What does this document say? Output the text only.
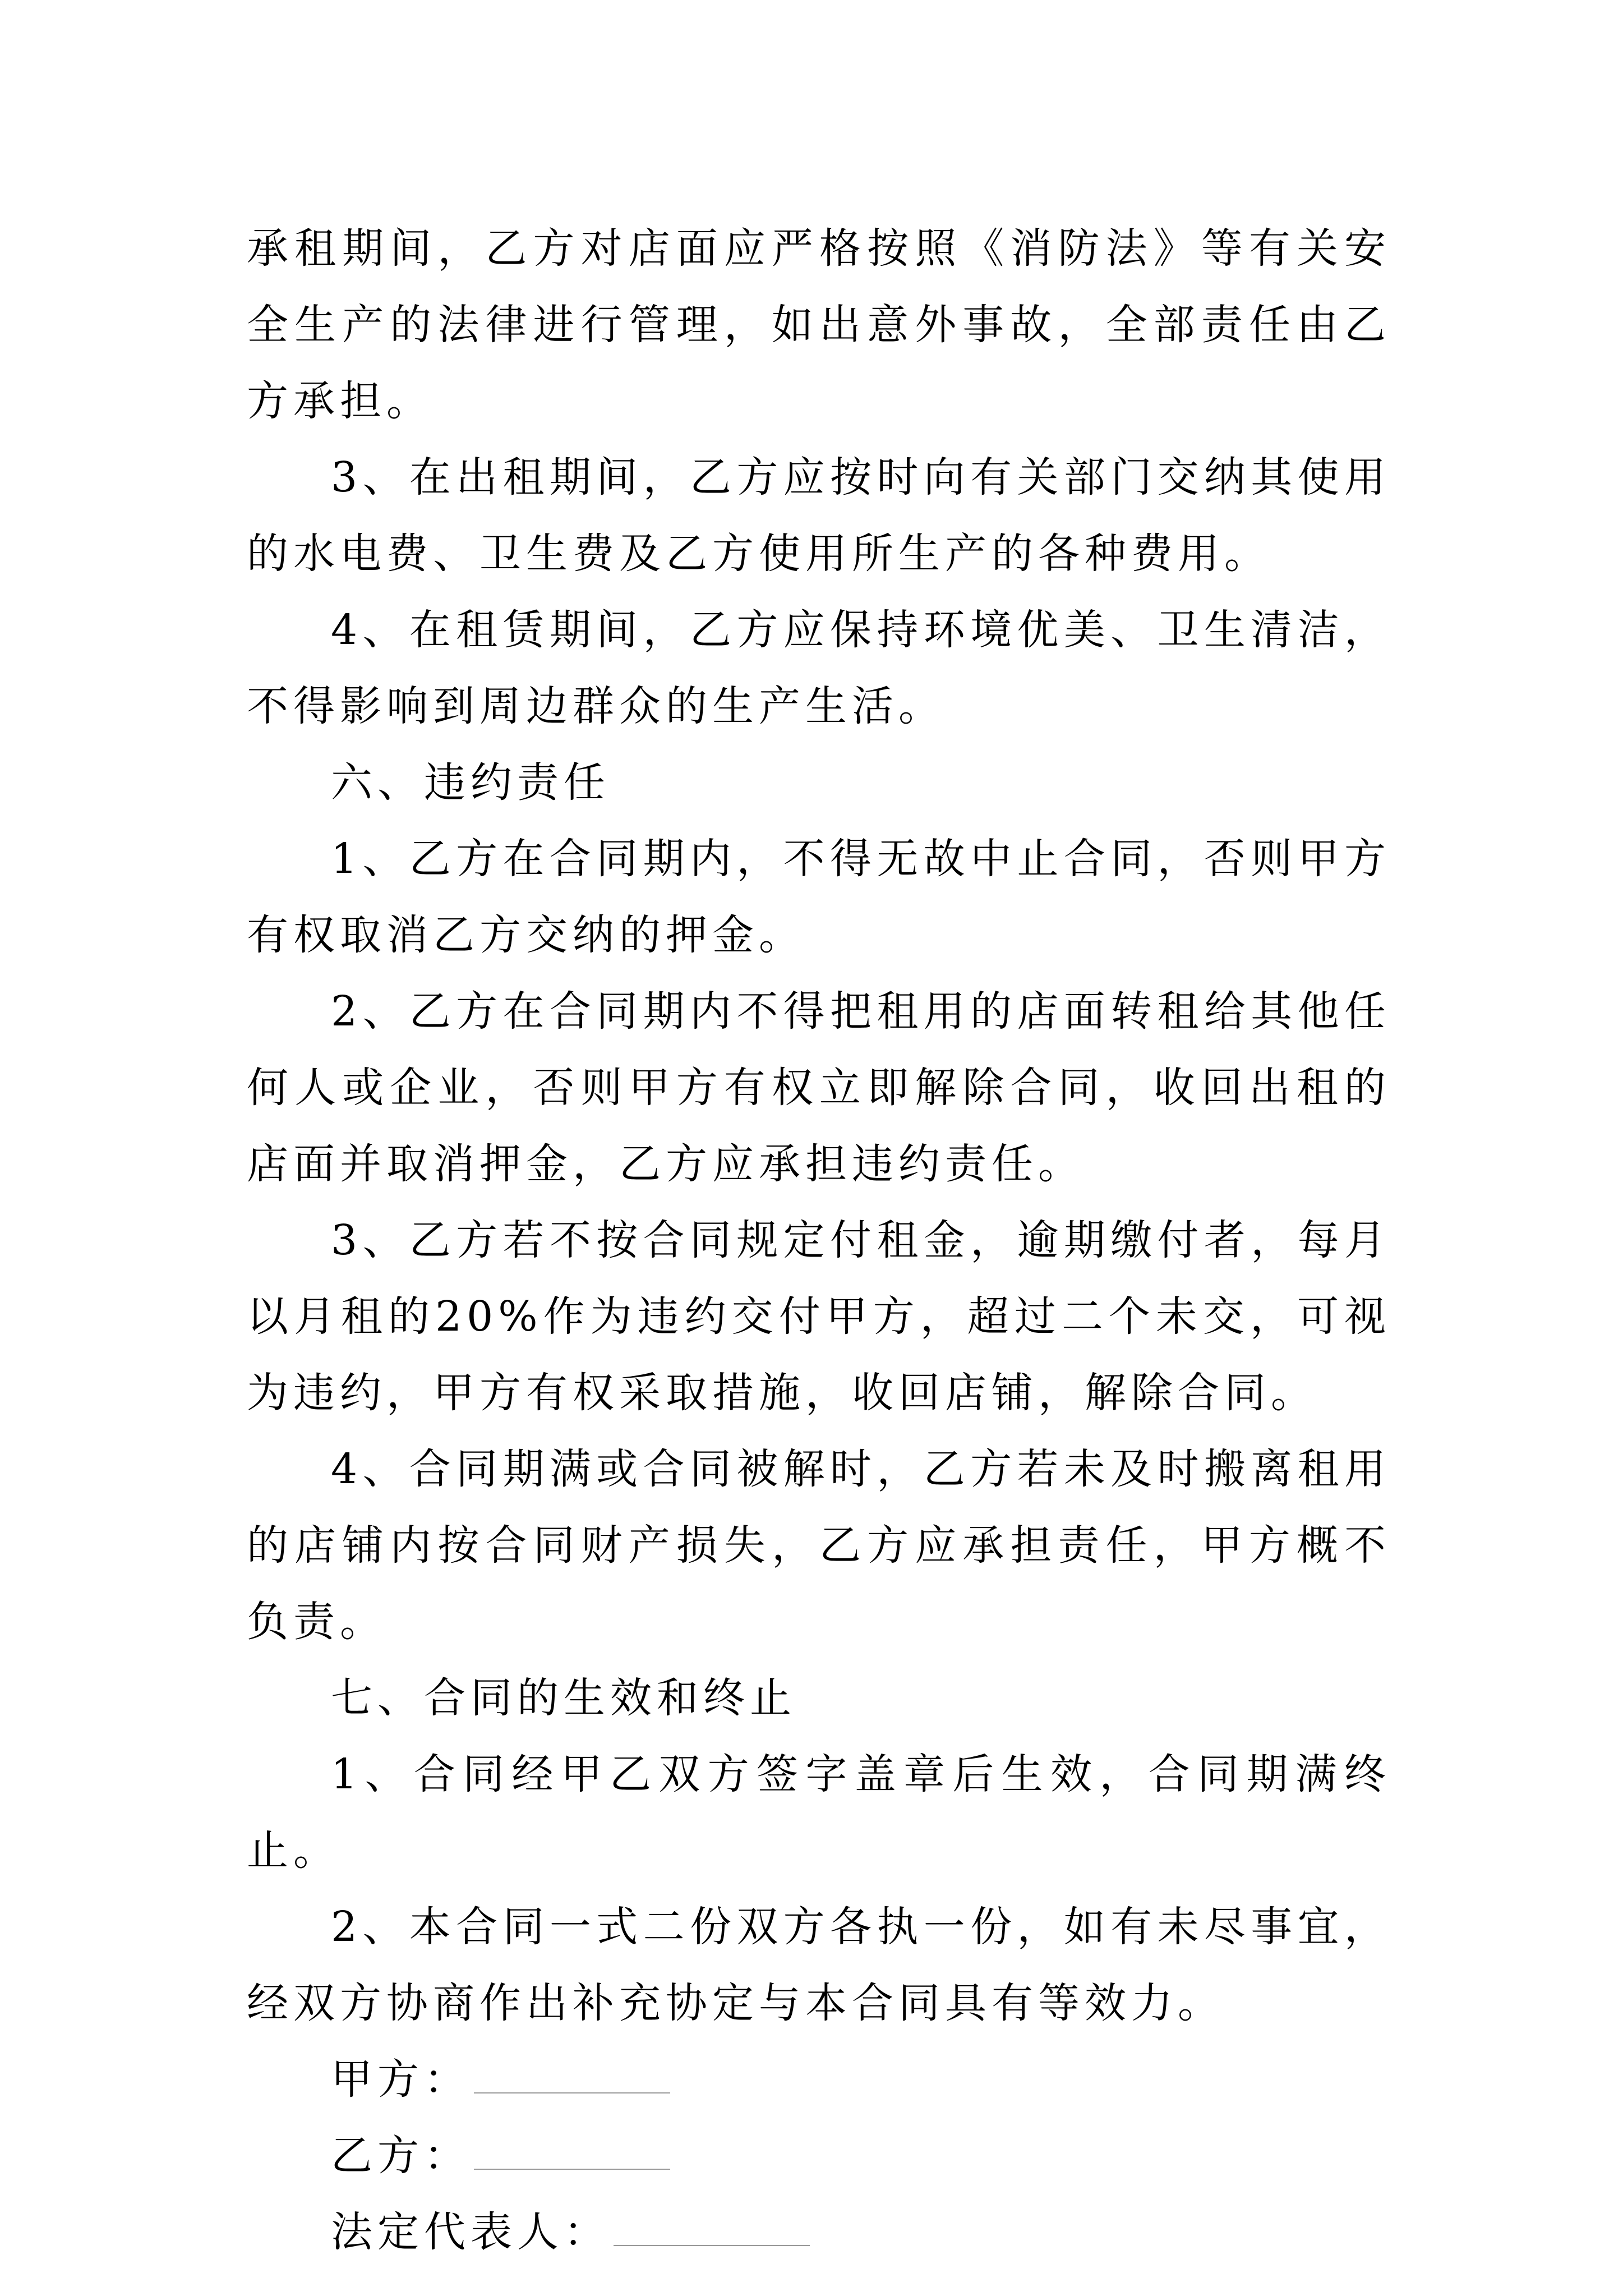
承租期间，乙方对店面应严格按照《消防法》等有关安全生产的法律进行管理，如出意外事故，全部责任由乙方承担。

3、在出租期间，乙方应按时向有关部门交纳其使用的水电费、卫生费及乙方使用所生产的各种费用。

4、在租赁期间，乙方应保持环境优美、卫生清洁，不得影响到周边群众的生产生活。

六、违约责任

1、乙方在合同期内，不得无故中止合同，否则甲方有权取消乙方交纳的押金。

2、乙方在合同期内不得把租用的店面转租给其他任何人或企业，否则甲方有权立即解除合同，收回出租的店面并取消押金，乙方应承担违约责任。

3、乙方若不按合同规定付租金，逾期缴付者，每月以月租的20%作为违约交付甲方，超过二个未交，可视为违约，甲方有权采取措施，收回店铺，解除合同。

4、合同期满或合同被解时，乙方若未及时搬离租用的店铺内按合同财产损失，乙方应承担责任，甲方概不负责。

七、合同的生效和终止

1、合同经甲乙双方签字盖章后生效，合同期满终止。

2、本合同一式二份双方各执一份，如有未尽事宜，经双方协商作出补充协定与本合同具有等效力。

甲方：
乙方：
法定代表人：
